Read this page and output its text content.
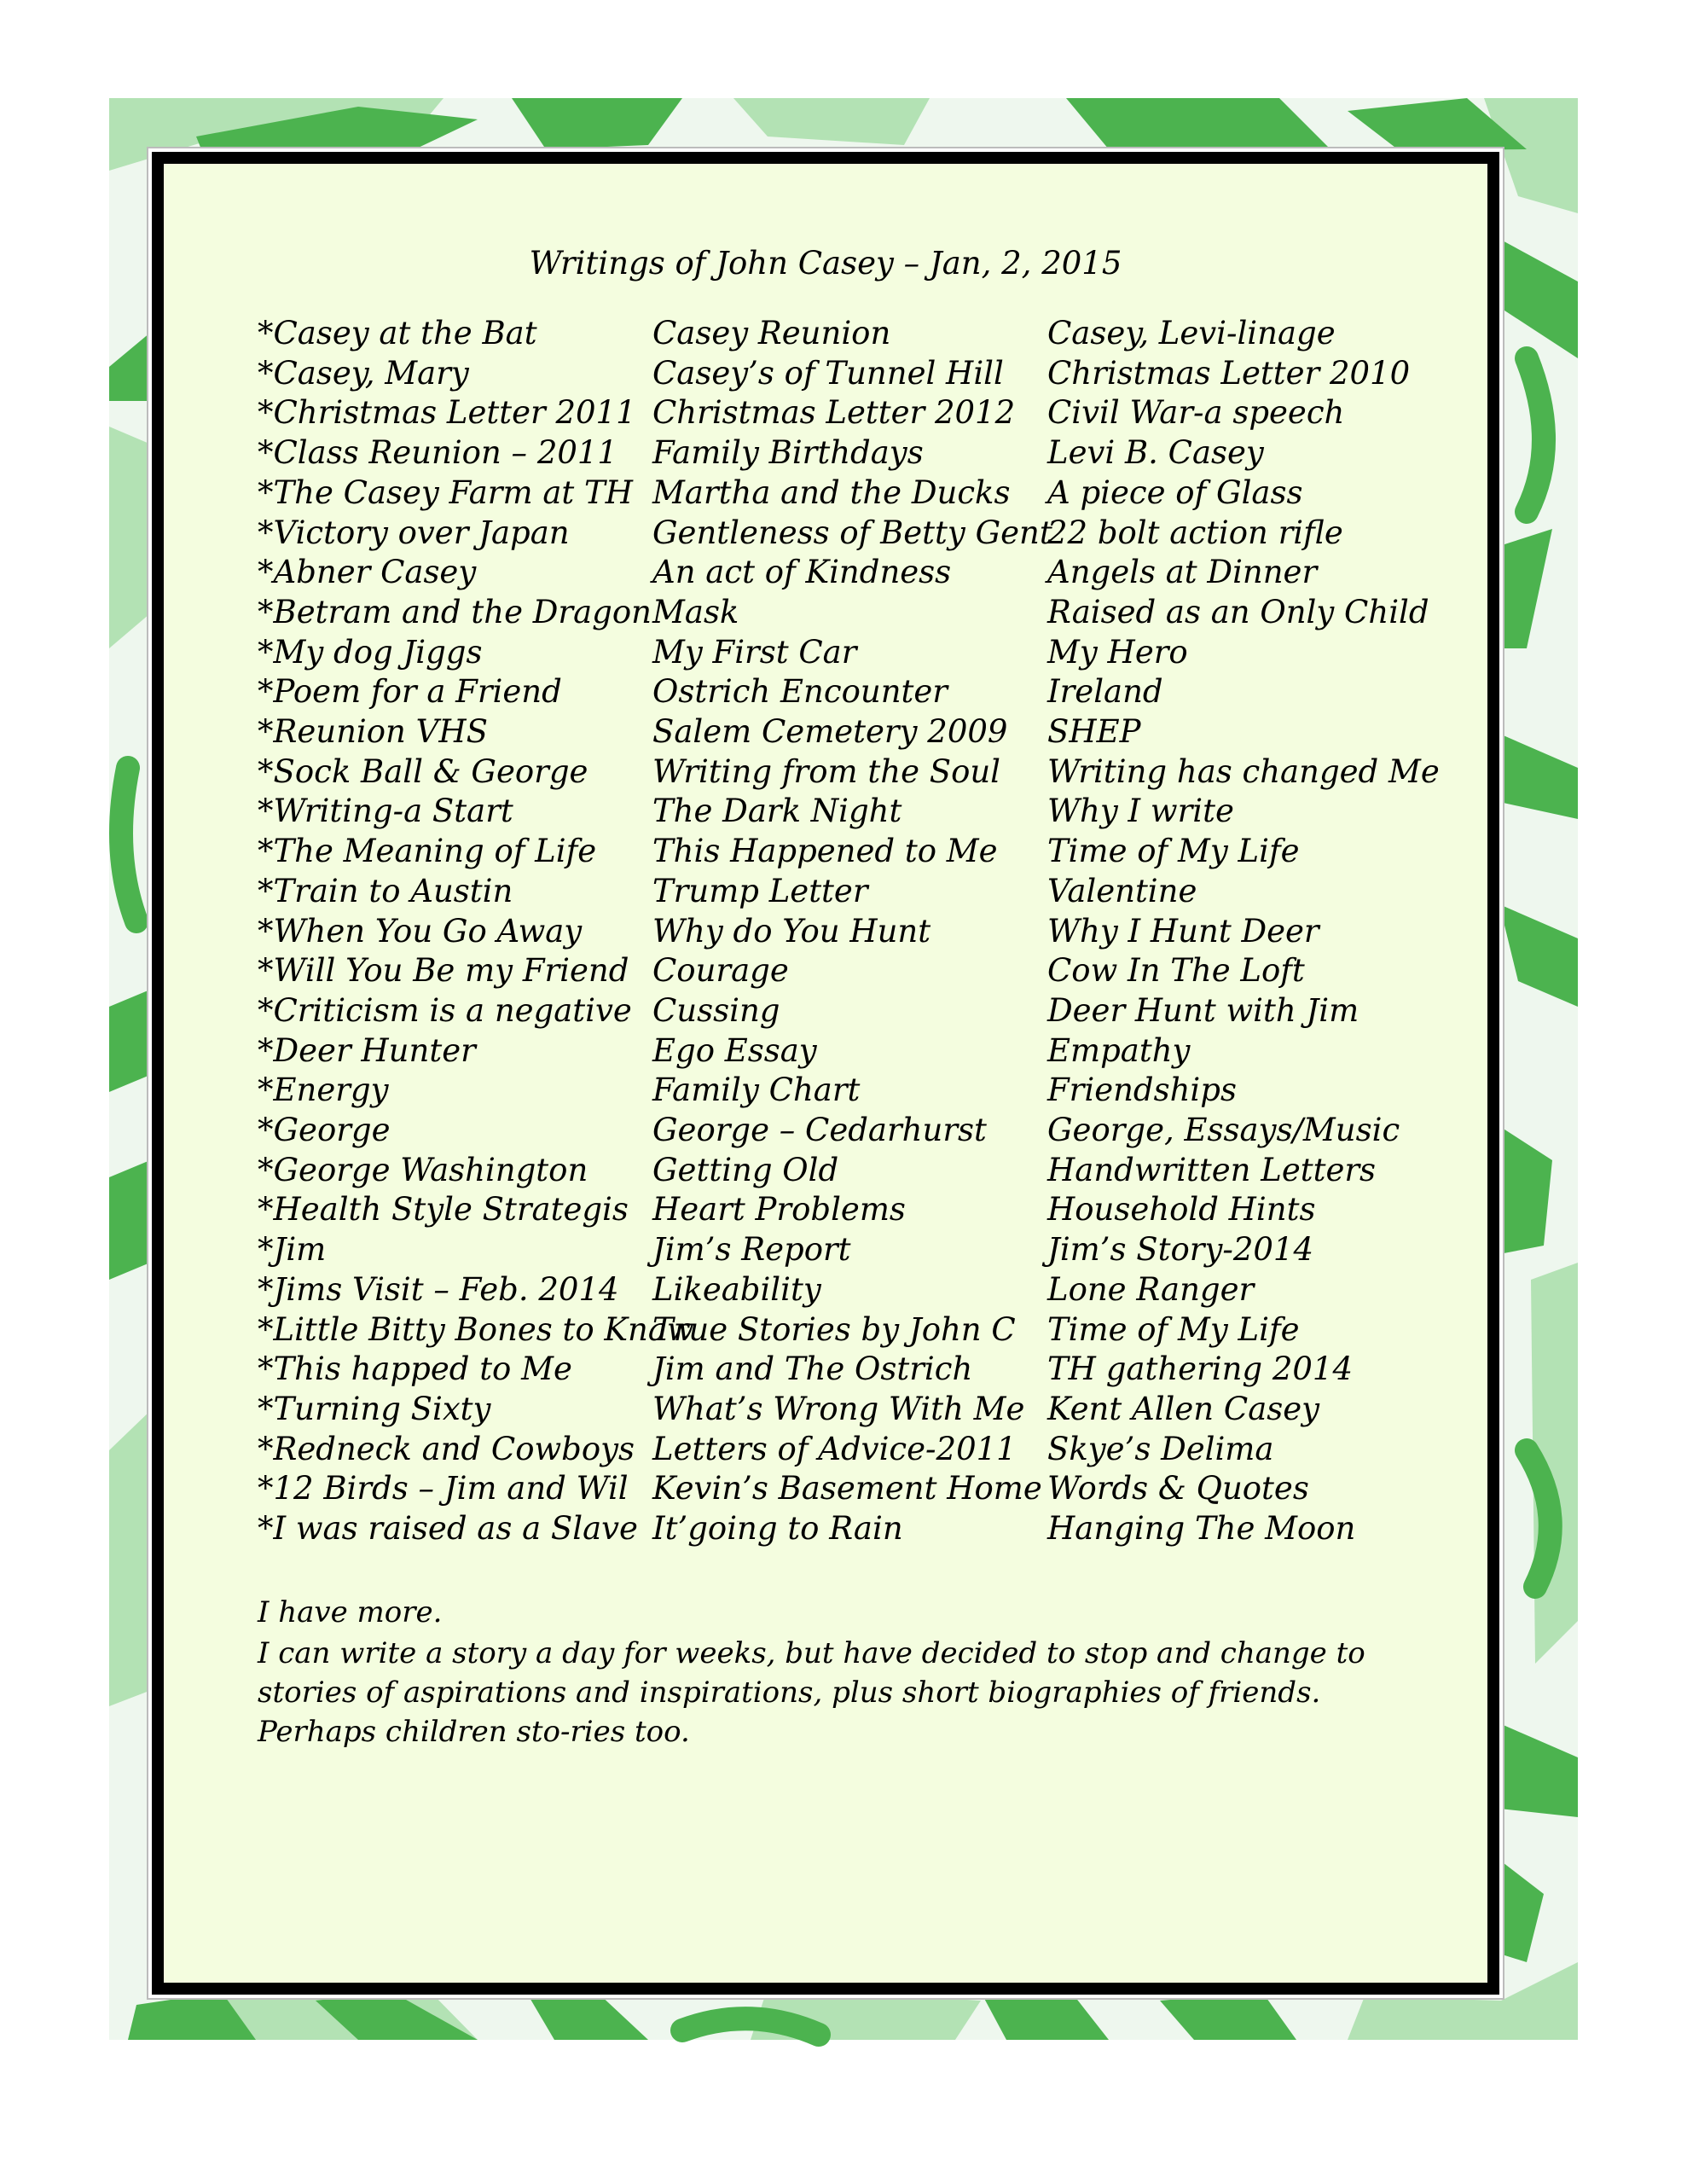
Writings of John Casey – Jan, 2, 2015
*Casey at the Bat
*Casey, Mary
*Christmas Letter 2011
*Class Reunion – 2011
*The Casey Farm at TH
*Victory over Japan
*Abner Casey
*Betram and the Dragon
*My dog Jiggs
*Poem for a Friend
*Reunion VHS
*Sock Ball & George
*Writing-a Start
*The Meaning of Life
*Train to Austin
*When You Go Away
*Will You Be my Friend
*Criticism is a negative
*Deer Hunter
*Energy
*George
*George Washington
*Health Style Strategis
*Jim
*Jims Visit – Feb. 2014
*Little Bitty Bones to Knaw
*This happed to Me
*Turning Sixty
*Redneck and Cowboys
*12 Birds – Jim and Wil
*I was raised as a Slave
Casey Reunion
Casey’s of Tunnel Hill
Christmas Letter 2012
Family Birthdays
Martha and the Ducks
Gentleness of Betty Gent
An act of Kindness
Mask
My First Car
Ostrich Encounter
Salem Cemetery 2009
Writing from the Soul
The Dark Night
This Happened to Me
Trump Letter
Why do You Hunt
Courage
Cussing
Ego Essay
Family Chart
George – Cedarhurst
Getting Old
Heart Problems
Jim’s Report
Likeability
True Stories by John C
Jim and The Ostrich
What’s Wrong With Me
Letters of Advice-2011
Kevin’s Basement Home
It’going to Rain
Casey, Levi-linage
Christmas Letter 2010
Civil War-a speech
Levi B. Casey
A piece of Glass
22 bolt action rifle
Angels at Dinner
Raised as an Only Child
My Hero
Ireland
SHEP
Writing has changed Me
Why I write
Time of My Life
Valentine
Why I Hunt Deer
Cow In The Loft
Deer Hunt with Jim
Empathy
Friendships
George, Essays/Music
Handwritten Letters
Household Hints
Jim’s Story-2014
Lone Ranger
Time of My Life
TH gathering 2014
Kent Allen Casey
Skye’s Delima
Words & Quotes
Hanging The Moon

I have more.

I can write a story a day for weeks, but have decided to stop and change to stories of aspirations and inspirations, plus short biographies of friends. Perhaps children sto-ries too.
